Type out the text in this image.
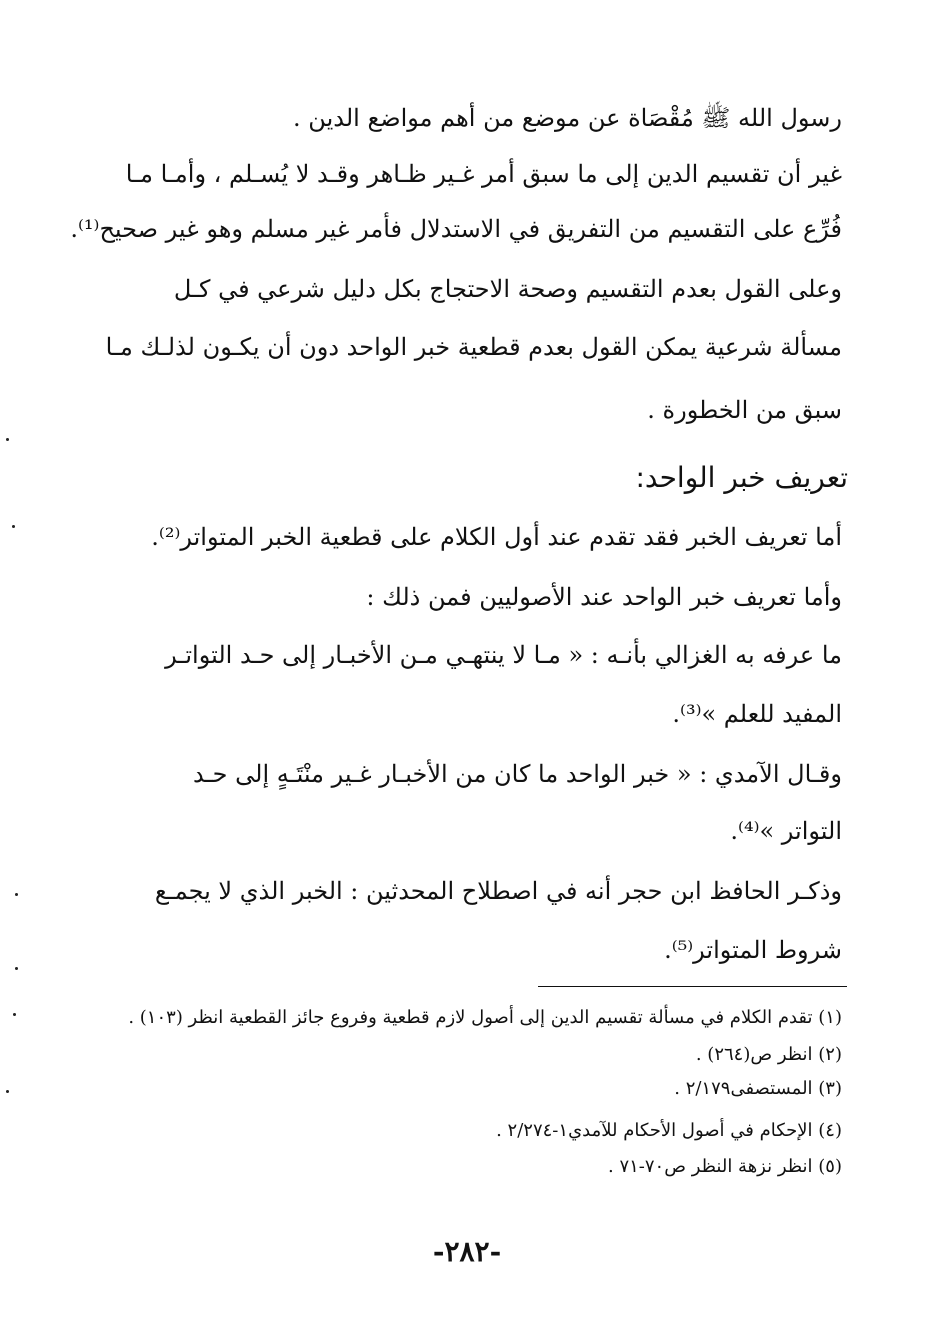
رسول الله ﷺ مُقْصَاة عن موضع من أهم مواضع الدين .
غير أن تقسيم الدين إلى ما سبق أمر غـير ظـاهر وقـد لا يُسـلم ، وأمـا مـا
فُرِّع على التقسيم من التفريق في الاستدلال فأمر غير مسلم وهو غير صحيح⁽¹⁾.
وعلى القول بعدم التقسيم وصحة الاحتجاج بكل دليل شرعي في كـل
مسألة شرعية يمكن القول بعدم قطعية خبر الواحد دون أن يكـون لذلـك مـا
سبق من الخطورة .
تعريف خبر الواحد:
أما تعريف الخبر فقد تقدم عند أول الكلام على قطعية الخبر المتواتر⁽²⁾.
وأما تعريف خبر الواحد عند الأصوليين فمن ذلك :
ما عرفه به الغزالي بأنـه : « مـا لا ينتهـي مـن الأخبـار إلى حـد التواتـر
المفيد للعلم »⁽³⁾.
وقـال الآمدي : « خبر الواحد ما كان من الأخبـار غـير منْتَـهٍ إلى حـد
التواتر »⁽⁴⁾.
وذكـر الحافظ ابن حجر أنه في اصطلاح المحدثين : الخبر الذي لا يجمـع
شروط المتواتر⁽⁵⁾.
(١) تقدم الكلام في مسألة تقسيم الدين إلى أصول لازم قطعية وفروع جائز القطعية انظر (١٠٣) .
(٢) انظر ص(٢٦٤) .
(٣) المستصفى٢/١٧٩ .
(٤) الإحكام في أصول الأحكام للآمدي١-٢/٢٧٤ .
(٥) انظر نزهة النظر ص٧٠-٧١ .
-٢٨٢-
